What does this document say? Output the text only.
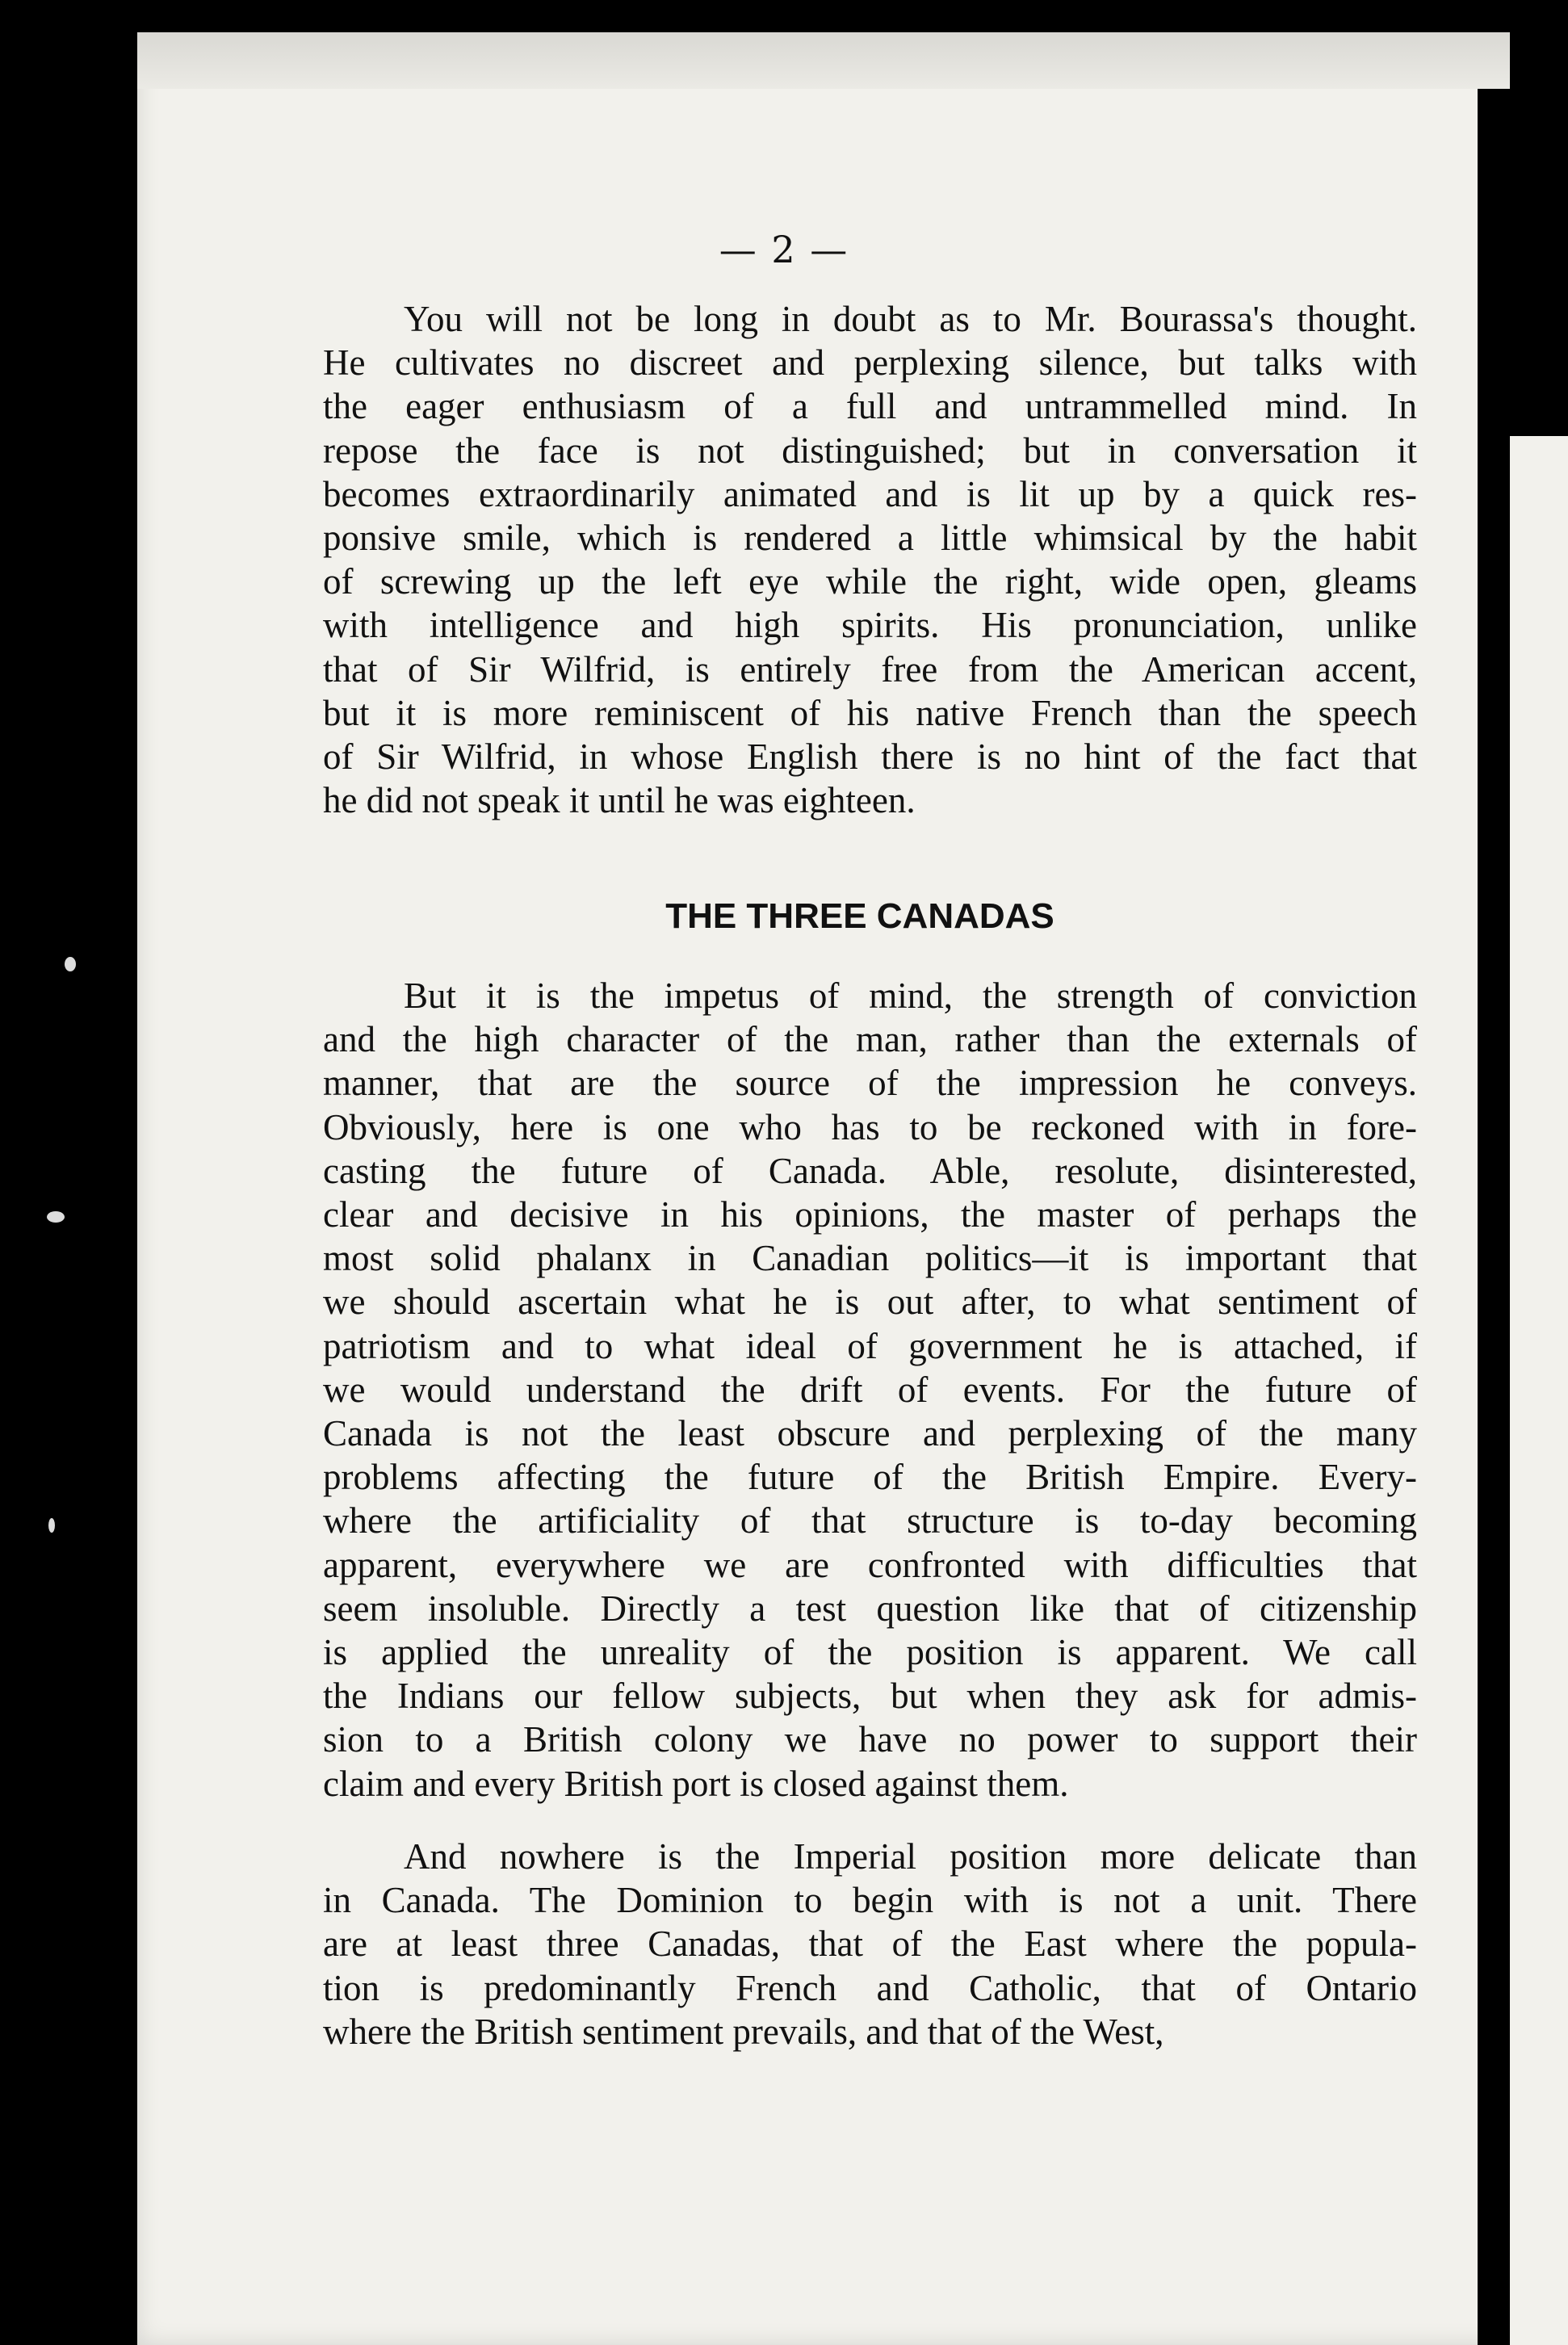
— 2 —
You will not be long in doubt as to Mr. Bourassa's thought.
He cultivates no discreet and perplexing silence, but talks with
the eager enthusiasm of a full and untrammelled mind. In
repose the face is not distinguished; but in conversation it
becomes extraordinarily animated and is lit up by a quick res-
ponsive smile, which is rendered a little whimsical by the habit
of screwing up the left eye while the right, wide open, gleams
with intelligence and high spirits. His pronunciation, unlike
that of Sir Wilfrid, is entirely free from the American accent,
but it is more reminiscent of his native French than the speech
of Sir Wilfrid, in whose English there is no hint of the fact that
he did not speak it until he was eighteen.
THE THREE CANADAS
But it is the impetus of mind, the strength of conviction
and the high character of the man, rather than the externals of
manner, that are the source of the impression he conveys.
Obviously, here is one who has to be reckoned with in fore-
casting the future of Canada. Able, resolute, disinterested,
clear and decisive in his opinions, the master of perhaps the
most solid phalanx in Canadian politics—it is important that
we should ascertain what he is out after, to what sentiment of
patriotism and to what ideal of government he is attached, if
we would understand the drift of events. For the future of
Canada is not the least obscure and perplexing of the many
problems affecting the future of the British Empire. Every-
where the artificiality of that structure is to-day becoming
apparent, everywhere we are confronted with difficulties that
seem insoluble. Directly a test question like that of citizenship
is applied the unreality of the position is apparent. We call
the Indians our fellow subjects, but when they ask for admis-
sion to a British colony we have no power to support their
claim and every British port is closed against them.
And nowhere is the Imperial position more delicate than
in Canada. The Dominion to begin with is not a unit. There
are at least three Canadas, that of the East where the popula-
tion is predominantly French and Catholic, that of Ontario
where the British sentiment prevails, and that of the West,
